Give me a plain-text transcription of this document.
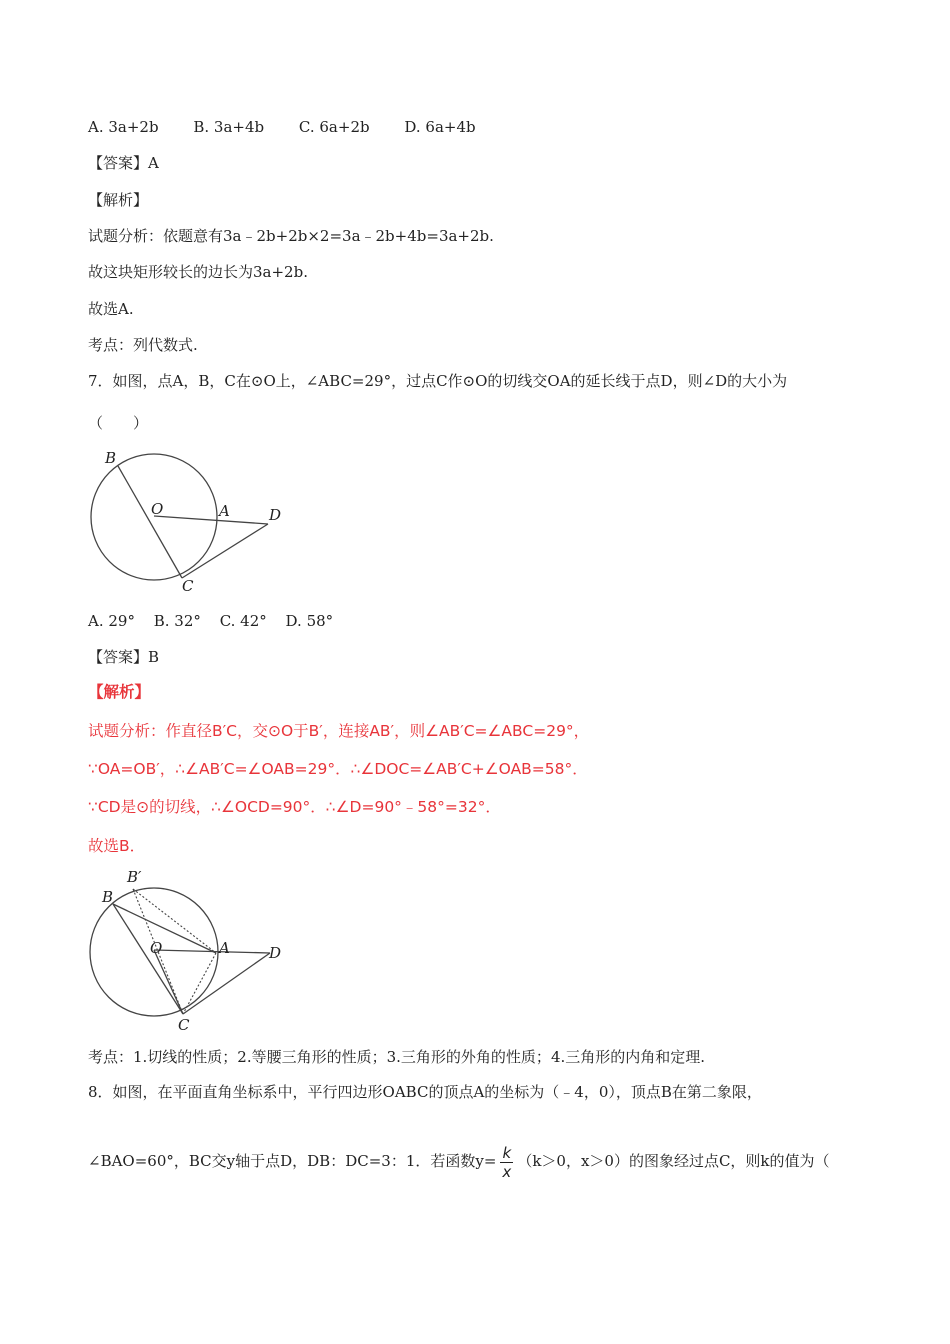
A. 3a+2b B. 3a+4b C. 6a+2b D. 6a+4b
【答案】A
【解析】
试题分析：依题意有3a﹣2b+2b×2=3a﹣2b+4b=3a+2b.
故这块矩形较长的边长为3a+2b.
故选A.
考点：列代数式.
7．如图，点A，B，C在⊙O上，∠ABC=29°，过点C作⊙O的切线交OA的延长线于点D，则∠D的大小为
（　　）
B
O	A	D
C
A. 29° B. 32° C. 42° D. 58°
【答案】B
【解析】
试题分析：作直径B′C，交⊙O于B′，连接AB′，则∠AB′C=∠ABC=29°，
∵OA=OB′，∴∠AB′C=∠OAB=29°．∴∠DOC=∠AB′C+∠OAB=58°．
∵CD是⊙的切线，∴∠OCD=90°．∴∠D=90°﹣58°=32°．
故选B．
B′
B
O	A	D
C
考点：1.切线的性质；2.等腰三角形的性质；3.三角形的外角的性质；4.三角形的内角和定理.
8．如图，在平面直角坐标系中，平行四边形OABC的顶点A的坐标为（﹣4，0），顶点B在第二象限，
∠BAO=60°，BC交y轴于点D，DB：DC=3：1．若函数$y= \frac{k}{x} (k>0$，x＞0）的图象经过点C，则k的值为（
